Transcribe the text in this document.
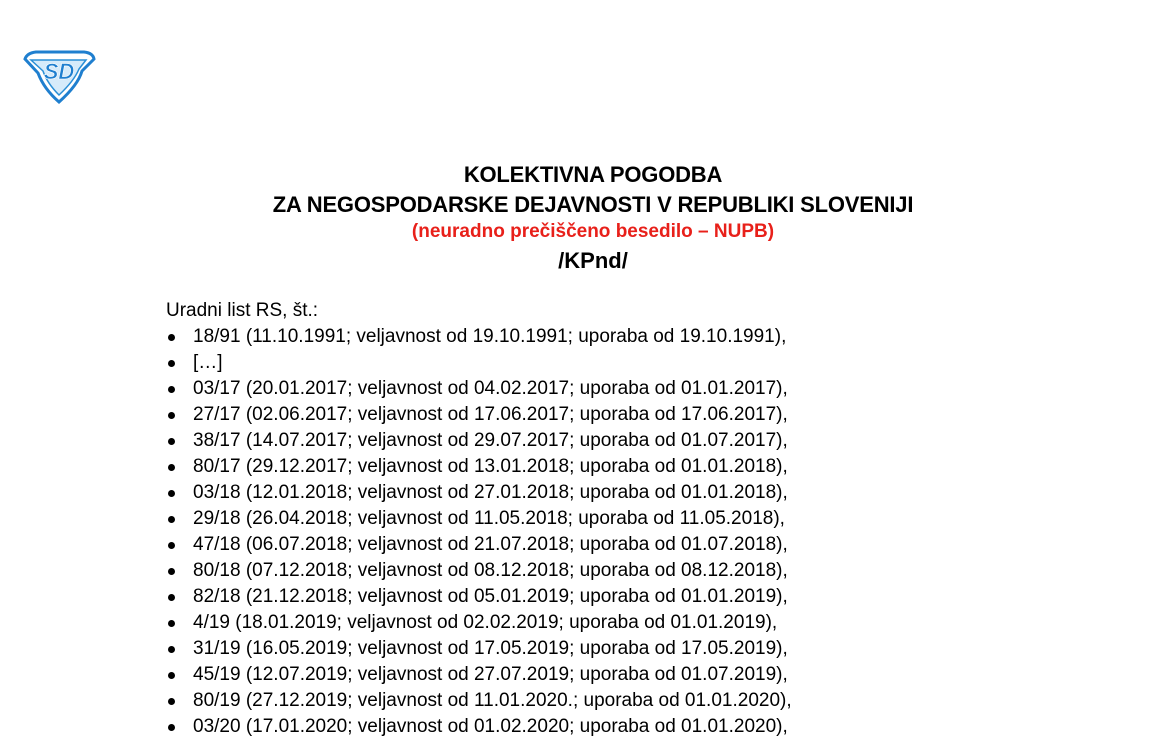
SD
KOLEKTIVNA POGODBA
ZA NEGOSPODARSKE DEJAVNOSTI V REPUBLIKI SLOVENIJI
(neuradno prečiščeno besedilo – NUPB)
/KPnd/
Uradni list RS, št.:
18/91 (11.10.1991; veljavnost od 19.10.1991; uporaba od 19.10.1991),
[…]
03/17 (20.01.2017; veljavnost od 04.02.2017; uporaba od 01.01.2017),
27/17 (02.06.2017; veljavnost od 17.06.2017; uporaba od 17.06.2017),
38/17 (14.07.2017; veljavnost od 29.07.2017; uporaba od 01.07.2017),
80/17 (29.12.2017; veljavnost od 13.01.2018; uporaba od 01.01.2018),
03/18 (12.01.2018; veljavnost od 27.01.2018; uporaba od 01.01.2018),
29/18 (26.04.2018; veljavnost od 11.05.2018; uporaba od 11.05.2018),
47/18 (06.07.2018; veljavnost od 21.07.2018; uporaba od 01.07.2018),
80/18 (07.12.2018; veljavnost od 08.12.2018; uporaba od 08.12.2018),
82/18 (21.12.2018; veljavnost od 05.01.2019; uporaba od 01.01.2019),
4/19 (18.01.2019; veljavnost od 02.02.2019; uporaba od 01.01.2019),
31/19 (16.05.2019; veljavnost od 17.05.2019; uporaba od 17.05.2019),
45/19 (12.07.2019; veljavnost od 27.07.2019; uporaba od 01.07.2019),
80/19 (27.12.2019; veljavnost od 11.01.2020.; uporaba od 01.01.2020),
03/20 (17.01.2020; veljavnost od 01.02.2020; uporaba od 01.01.2020),
